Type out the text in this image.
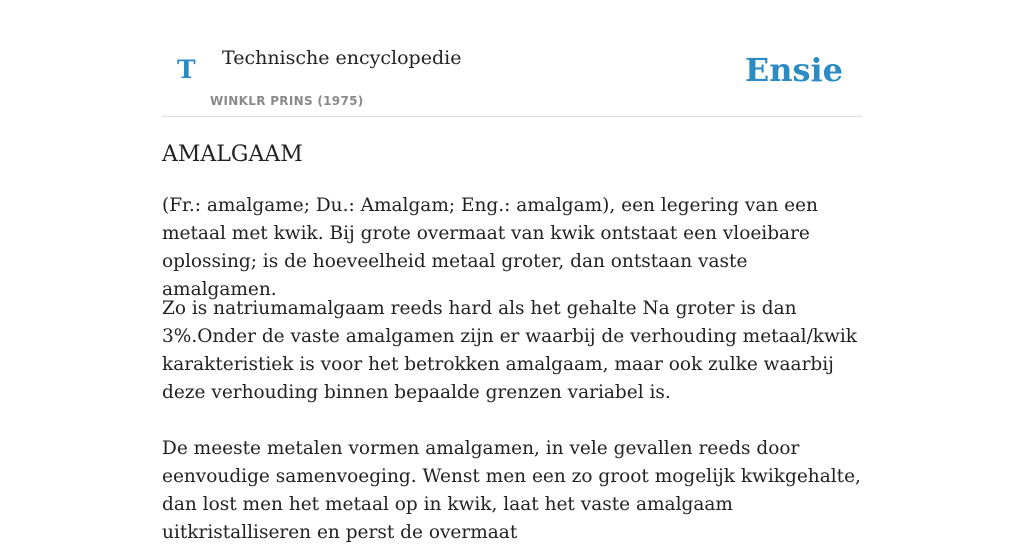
T Technische encyclopedie
WINKLR PRINS (1975)
Ensie
AMALGAAM

(Fr.: amalgame; Du.: Amalgam; Eng.: amalgam), een legering van een metaal met kwik. Bij grote overmaat van kwik ontstaat een vloeibare oplossing; is de hoeveelheid metaal groter, dan ontstaan vaste amalgamen.

Zo is natriumamalgaam reeds hard als het gehalte Na groter is dan 3%.Onder de vaste amalgamen zijn er waarbij de verhouding metaal/kwik karakteristiek is voor het betrokken amalgaam, maar ook zulke waarbij deze verhouding binnen bepaalde grenzen variabel is.

De meeste metalen vormen amalgamen, in vele gevallen reeds door eenvoudige samenvoeging. Wenst men een zo groot mogelijk kwikgehalte, dan lost men het metaal op in kwik, laat het vaste amalgaam uitkristalliseren en perst de overmaat
